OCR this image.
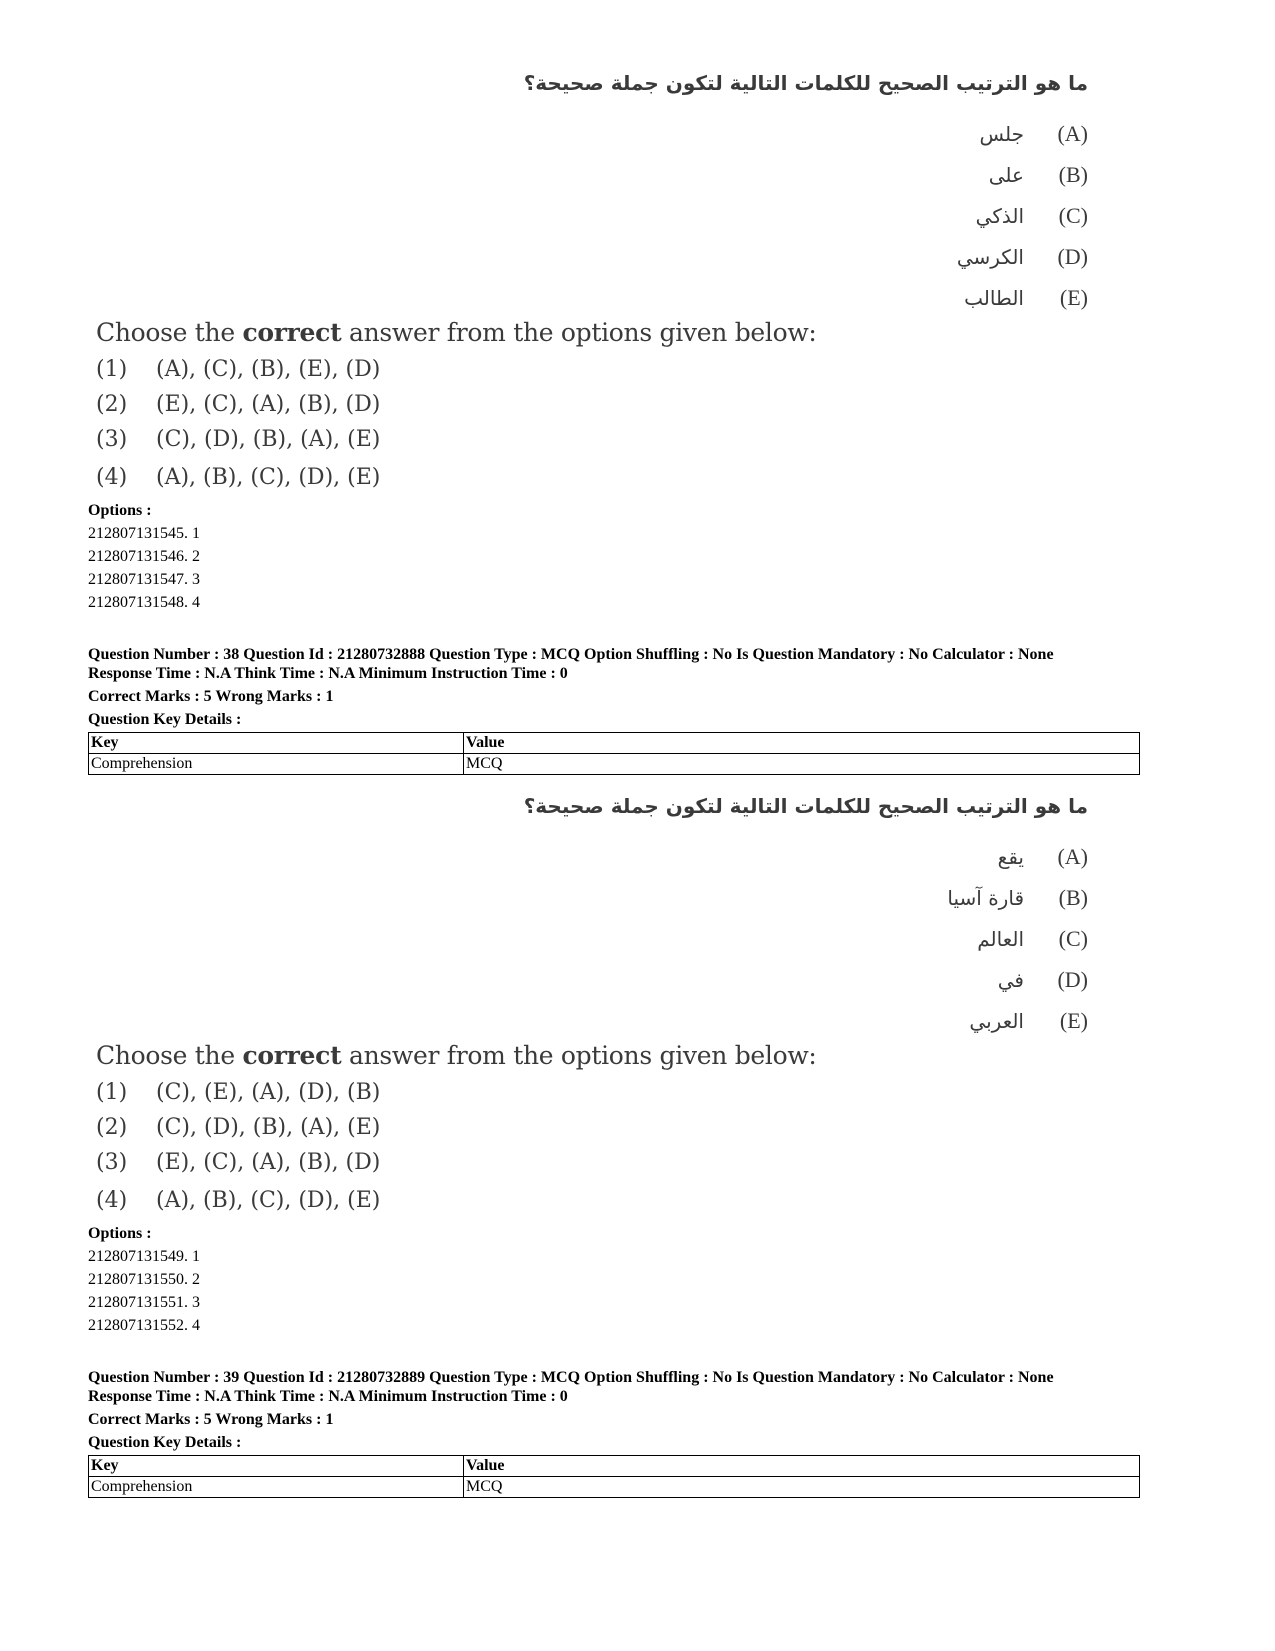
ما هو الترتيب الصحيح للكلمات التالية لتكون جملة صحيحة؟
جلس (A)
على (B)
الذكي (C)
الكرسي (D)
الطالب (E)
Choose the correct answer from the options given below:
(1)	(A), (C), (B), (E), (D)
(2)	(E), (C), (A), (B), (D)
(3)	(C), (D), (B), (A), (E)
(4)	(A), (B), (C), (D), (E)
Options :
212807131545. 1
212807131546. 2
212807131547. 3
212807131548. 4
Question Number : 38 Question Id : 21280732888 Question Type : MCQ Option Shuffling : No Is Question Mandatory : No Calculator : None
Response Time : N.A Think Time : N.A Minimum Instruction Time : 0
Correct Marks : 5 Wrong Marks : 1
Question Key Details :
Key	Value
Comprehension	MCQ
ما هو الترتيب الصحيح للكلمات التالية لتكون جملة صحيحة؟
يقع (A)
قارة آسيا (B)
العالم (C)
في (D)
العربي (E)
Choose the correct answer from the options given below:
(1)	(C), (E), (A), (D), (B)
(2)	(C), (D), (B), (A), (E)
(3)	(E), (C), (A), (B), (D)
(4)	(A), (B), (C), (D), (E)
Options :
212807131549. 1
212807131550. 2
212807131551. 3
212807131552. 4
Question Number : 39 Question Id : 21280732889 Question Type : MCQ Option Shuffling : No Is Question Mandatory : No Calculator : None
Response Time : N.A Think Time : N.A Minimum Instruction Time : 0
Correct Marks : 5 Wrong Marks : 1
Question Key Details :
Key	Value
Comprehension	MCQ
